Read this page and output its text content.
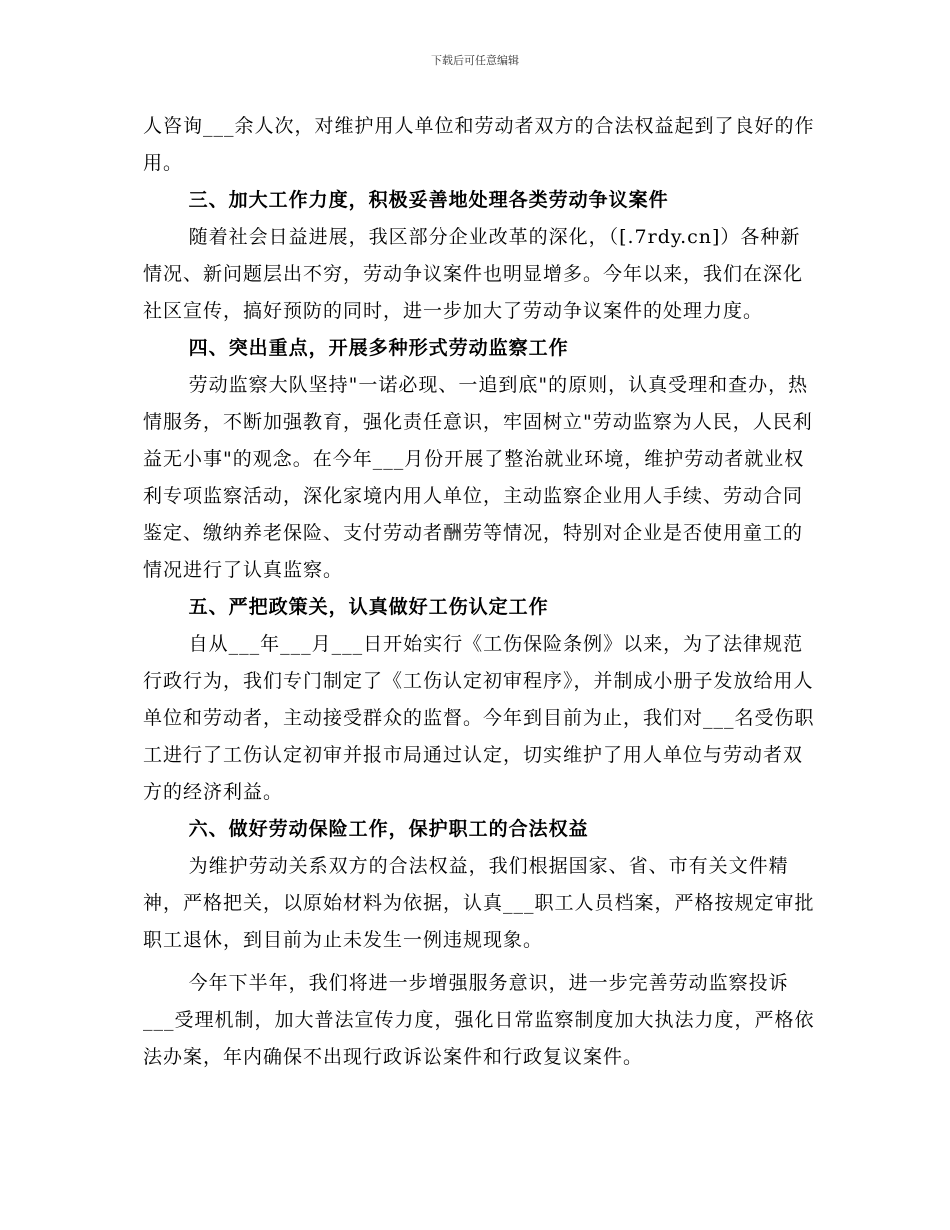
下载后可任意编辑

人咨询___余人次，对维护用人单位和劳动者双方的合法权益起到了良好的作用。

三、加大工作力度，积极妥善地处理各类劳动争议案件

随着社会日益进展，我区部分企业改革的深化，（[.7rdy.cn]）各种新情况、新问题层出不穷，劳动争议案件也明显增多。今年以来，我们在深化社区宣传，搞好预防的同时，进一步加大了劳动争议案件的处理力度。

四、突出重点，开展多种形式劳动监察工作

劳动监察大队坚持"一诺必现、一追到底"的原则，认真受理和查办，热情服务，不断加强教育，强化责任意识，牢固树立"劳动监察为人民，人民利益无小事"的观念。在今年___月份开展了整治就业环境，维护劳动者就业权利专项监察活动，深化家境内用人单位，主动监察企业用人手续、劳动合同鉴定、缴纳养老保险、支付劳动者酬劳等情况，特别对企业是否使用童工的情况进行了认真监察。

五、严把政策关，认真做好工伤认定工作

自从___年___月___日开始实行《工伤保险条例》以来，为了法律规范行政行为，我们专门制定了《工伤认定初审程序》，并制成小册子发放给用人单位和劳动者，主动接受群众的监督。今年到目前为止，我们对___名受伤职工进行了工伤认定初审并报市局通过认定，切实维护了用人单位与劳动者双方的经济利益。

六、做好劳动保险工作，保护职工的合法权益

为维护劳动关系双方的合法权益，我们根据国家、省、市有关文件精神，严格把关，以原始材料为依据，认真___职工人员档案，严格按规定审批职工退休，到目前为止未发生一例违规现象。

今年下半年，我们将进一步增强服务意识，进一步完善劳动监察投诉___受理机制，加大普法宣传力度，强化日常监察制度加大执法力度，严格依法办案，年内确保不出现行政诉讼案件和行政复议案件。
